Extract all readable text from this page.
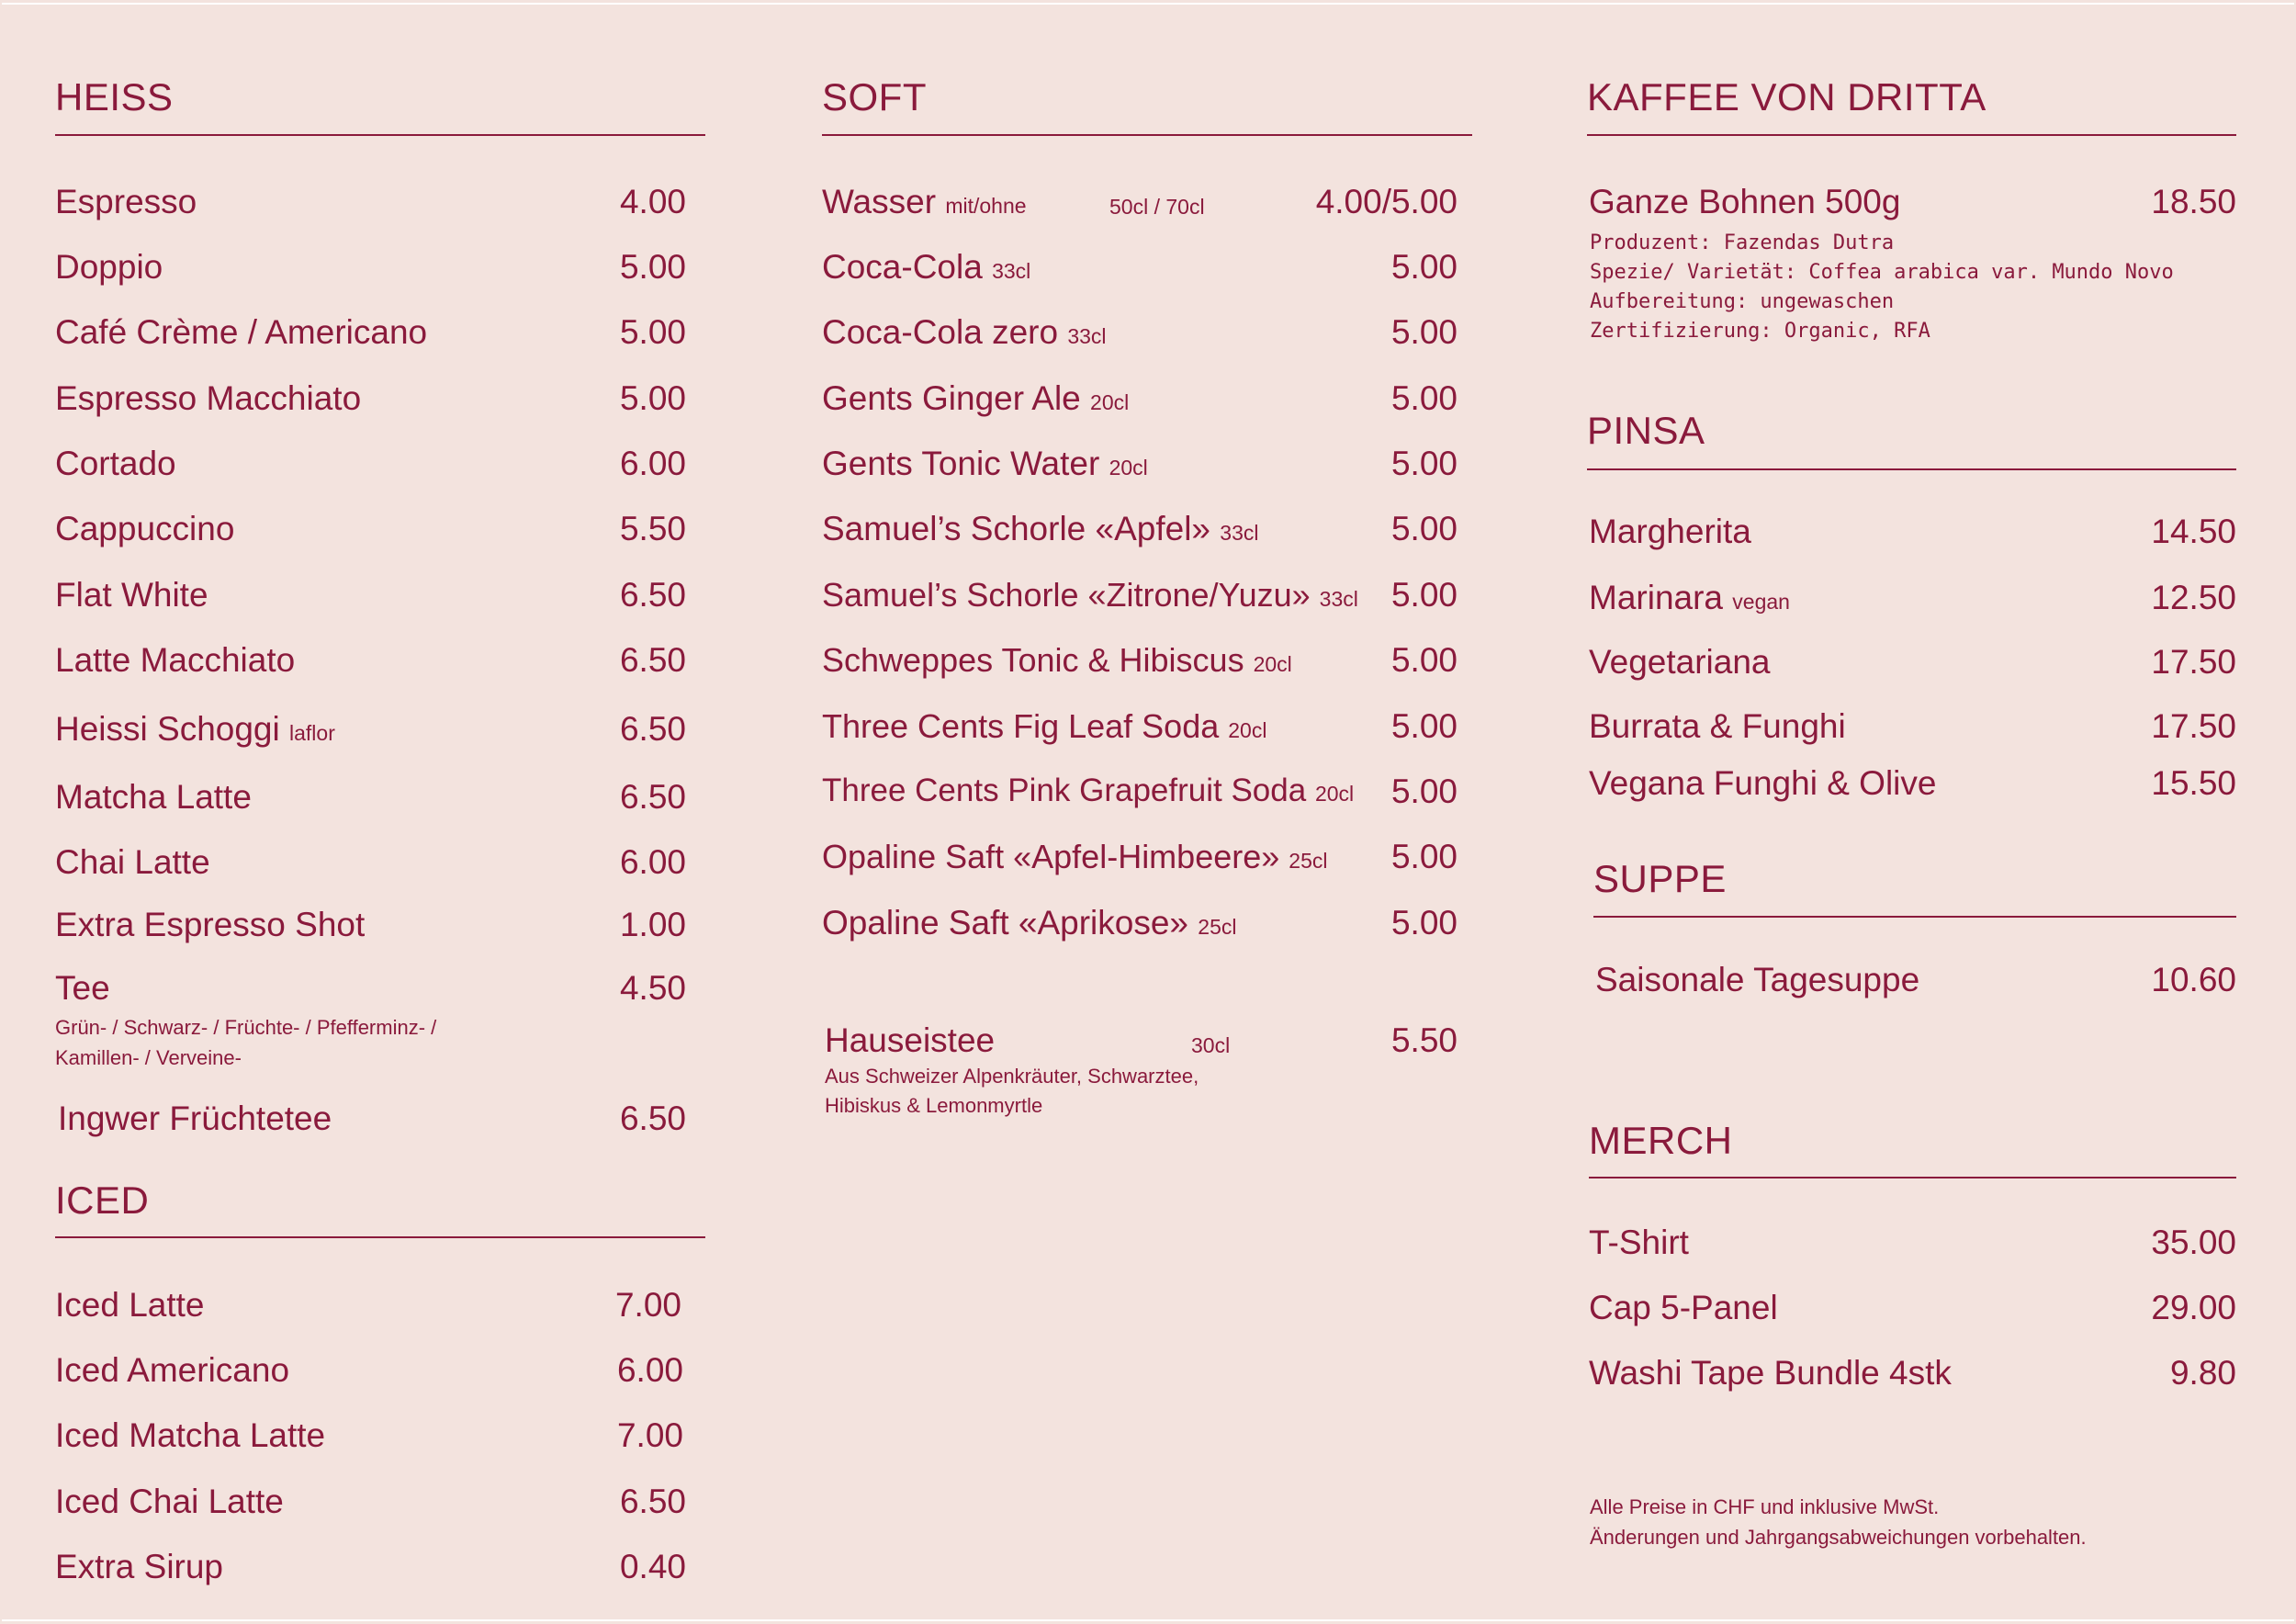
HEISS
Espresso	4.00
Doppio	5.00
Café Crème / Americano	5.00
Espresso Macchiato	5.00
Cortado	6.00
Cappuccino	5.50
Flat White	6.50
Latte Macchiato	6.50
Heissi Schoggi laflor	6.50
Matcha Latte	6.50
Chai Latte	6.00
Extra Espresso Shot	1.00
Tee	4.50
Grün- / Schwarz- / Früchte- / Pfefferminz- /
Kamillen- / Verveine-
Ingwer Früchtetee	6.50
ICED
Iced Latte	7.00
Iced Americano	6.00
Iced Matcha Latte	7.00
Iced Chai Latte	6.50
Extra Sirup	0.40
SOFT
Wasser mit/ohne	50cl / 70cl	4.00/5.00
Coca-Cola 33cl	5.00
Coca-Cola zero 33cl	5.00
Gents Ginger Ale 20cl	5.00
Gents Tonic Water 20cl	5.00
Samuel’s Schorle «Apfel» 33cl	5.00
Samuel’s Schorle «Zitrone/Yuzu» 33cl 5.00
Schweppes Tonic & Hibiscus 20cl	5.00
Three Cents Fig Leaf Soda 20cl	5.00
Three Cents Pink Grapefruit Soda 20cl	5.00
Opaline Saft «Apfel-Himbeere» 25cl	5.00
Opaline Saft «Aprikose» 25cl	5.00
Hauseistee	30cl	5.50
Aus Schweizer Alpenkräuter, Schwarztee,
Hibiskus & Lemonmyrtle
KAFFEE VON DRITTA
Ganze Bohnen 500g	18.50
Produzent: Fazendas Dutra
Spezie/ Varietät: Coffea arabica var. Mundo Novo
Aufbereitung: ungewaschen
Zertifizierung: Organic, RFA
PINSA
Margherita	14.50
Marinara vegan	12.50
Vegetariana	17.50
Burrata & Funghi	17.50
Vegana Funghi & Olive	15.50
SUPPE
Saisonale Tagesuppe	10.60
MERCH
T-Shirt	35.00
Cap 5-Panel	29.00
Washi Tape Bundle 4stk	9.80
Alle Preise in CHF und inklusive MwSt.
Änderungen und Jahrgangsabweichungen vorbehalten.
